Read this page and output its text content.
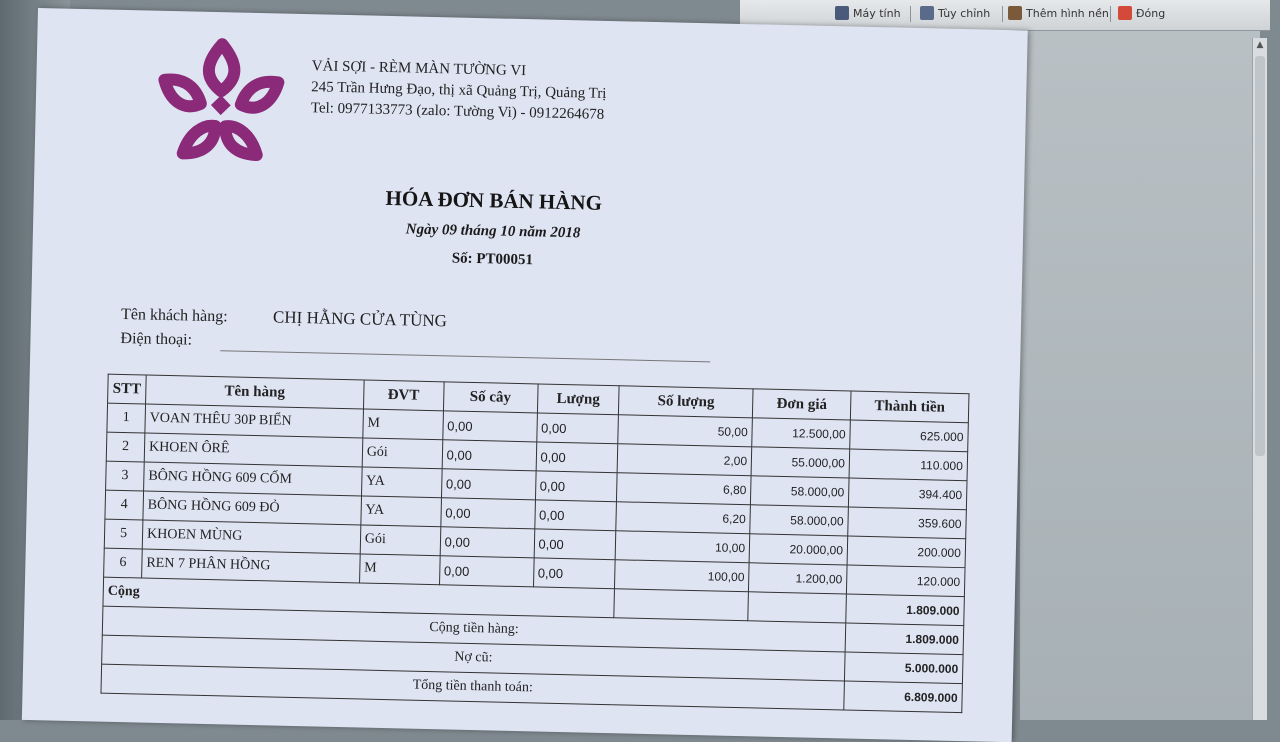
▲
Máy tính	Tùy chỉnh	Thêm hình nền Đóng
VẢI SỢI - RÈM MÀN TƯỜNG VI
245 Trần Hưng Đạo, thị xã Quảng Trị, Quảng Trị
Tel: 0977133773 (zalo: Tường Vi) - 0912264678
HÓA ĐƠN BÁN HÀNG
Ngày 09 tháng 10 năm 2018
Số: PT00051
Tên khách hàng:	CHỊ HẰNG CỬA TÙNG
Điện thoại:
STT	Tên hàng	ĐVT	Số cây	Lượng	Số lượng	Đơn giá	Thành tiền
1	VOAN THÊU 30P BIỂN	M	0,00	0,00	50,00	12.500,00	625.000
2	KHOEN ÔRÊ	Gói	0,00	0,00	2,00	55.000,00	110.000
3	BÔNG HỒNG 609 CỐM	YA	0,00	0,00	6,80	58.000,00	394.400
4	BÔNG HỒNG 609 ĐỎ	YA	0,00	0,00	6,20	58.000,00	359.600
5	KHOEN MÙNG	Gói	0,00	0,00	10,00	20.000,00	200.000
6	REN 7 PHÂN HỒNG	M	0,00	0,00	100,00	1.200,00	120.000
Cộng							1.809.000
Cộng tiền hàng:							1.809.000
Nợ cũ:							5.000.000
Tổng tiền thanh toán:							6.809.000
